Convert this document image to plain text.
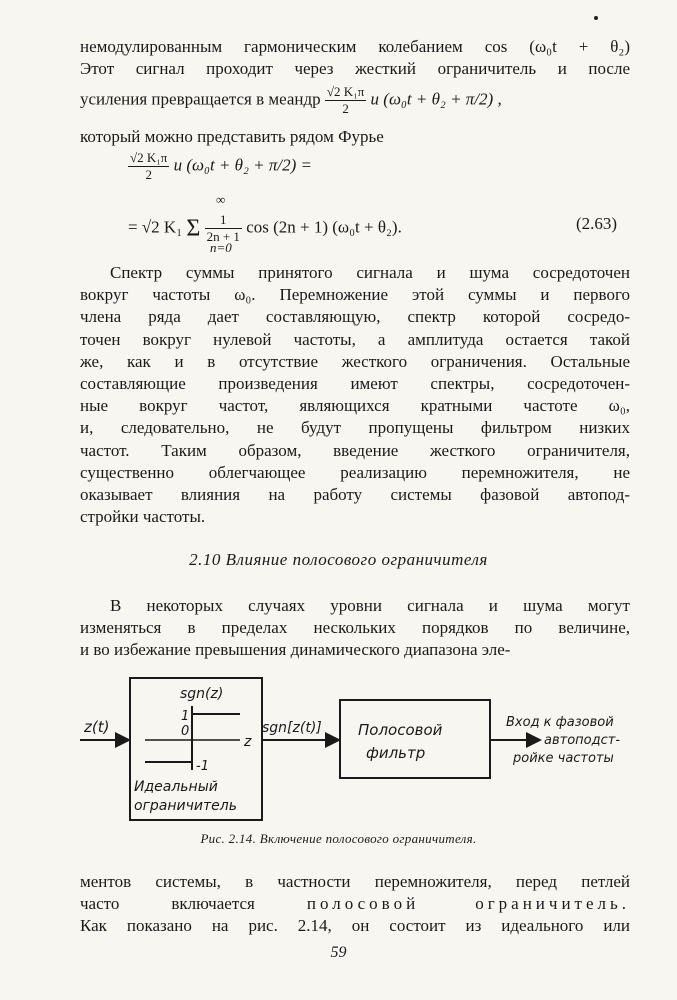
немодулированным гармоническим колебанием cos (ω₀t + θ₂)
Этот сигнал проходит через жесткий ограничитель и после
усиления превращается в меандр $\frac{\text{√2 K₁π}}{2}$ u (ω₀t + θ₂ + π/2) ,
который можно представить рядом Фурье
$\frac{\text{√2 K₁π}}{2}$ u (ω₀t + θ₂ + π/2) =
∞
= √2 K₁ Σ $\frac{1}{2n + 1}$ cos (2n + 1) (ω₀t + θ₂).
n=0
(2.63)
Спектр суммы принятого сигнала и шума сосредоточен
вокруг частоты ω₀. Перемножение этой суммы и первого
члена ряда дает составляющую, спектр которой сосредо-
точен вокруг нулевой частоты, а амплитуда остается такой
же, как и в отсутствие жесткого ограничения. Остальные
составляющие произведения имеют спектры, сосредоточен-
ные вокруг частот, являющихся кратными частоте ω₀,
и, следовательно, не будут пропущены фильтром низких
частот. Таким образом, введение жесткого ограничителя,
существенно облегчающее реализацию перемножителя, не
оказывает влияния на работу системы фазовой автопод-
стройки частоты.
2.10 Влияние полосового ограничителя
В некоторых случаях уровни сигнала и шума могут
изменяться в пределах нескольких порядков по величине,
и во избежание превышения динамического диапазона эле-
sgn(z)
1
0
-1
z
Идеальный
ограничитель
z(t)	sgn[z(t)] Полосовой
фильтр
Вход к фазовой
автоподст-
ройке частоты
Рис. 2.14. Включение полосового ограничителя.
ментов системы, в частности перемножителя, перед петлей
часто включается	полосовой ограничитель.
Как показано на рис. 2.14, он состоит из идеального или
59
